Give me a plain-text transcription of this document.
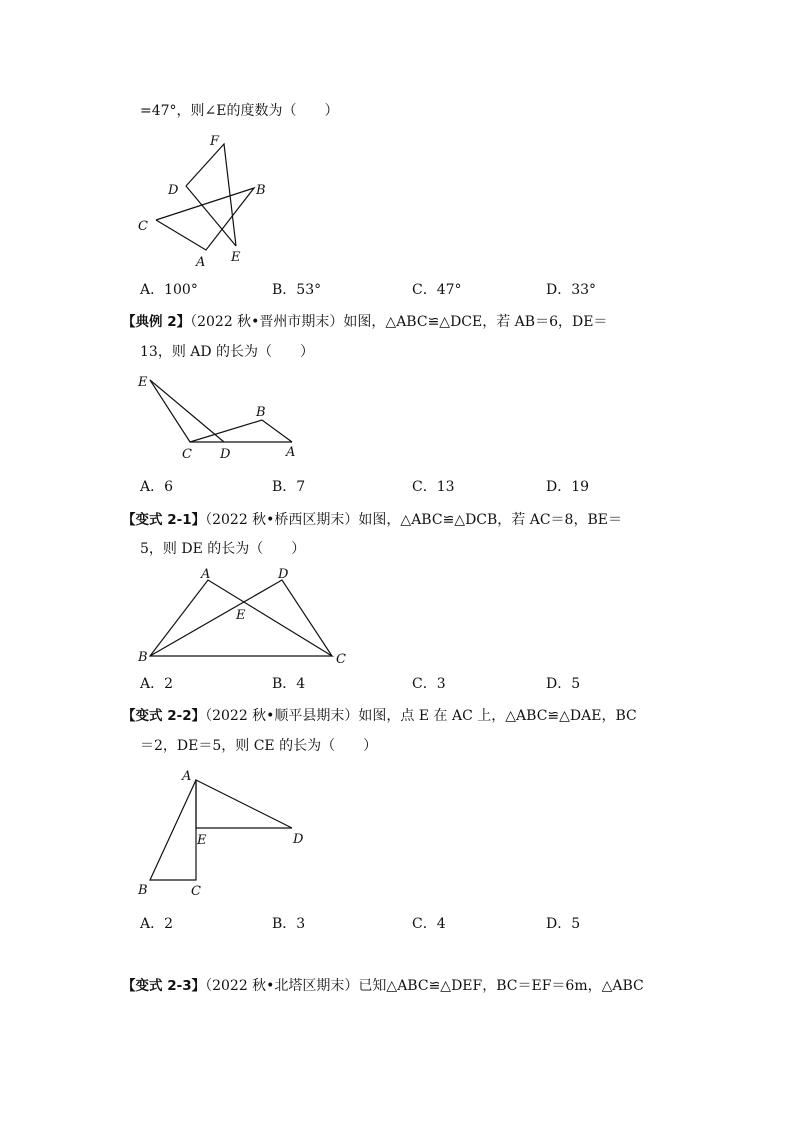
=47°，则∠E的度数为（　　）
F
D	B
C
A E
A．100°	B．53°	C．47°	D．33°
【典例 2】（2022 秋•晋州市期末）如图，△ABC≌△DCE，若 AB＝6，DE＝
13，则 AD 的长为（　　）
E
B
C D	A
A．6	B．7	C．13	D．19
【变式 2-1】（2022 秋•桥西区期末）如图，△ABC≌△DCB，若 AC＝8，BE＝
5，则 DE 的长为（　　）
A	D
E
B	C
A．2	B．4	C．3	D．5
【变式 2-2】（2022 秋•顺平县期末）如图，点 E 在 AC 上，△ABC≌△DAE，BC
＝2，DE＝5，则 CE 的长为（　　）
A
E	D
B	C
A．2	B．3	C．4	D．5
【变式 2-3】（2022 秋•北塔区期末）已知△ABC≌△DEF，BC＝EF＝6m，△ABC
